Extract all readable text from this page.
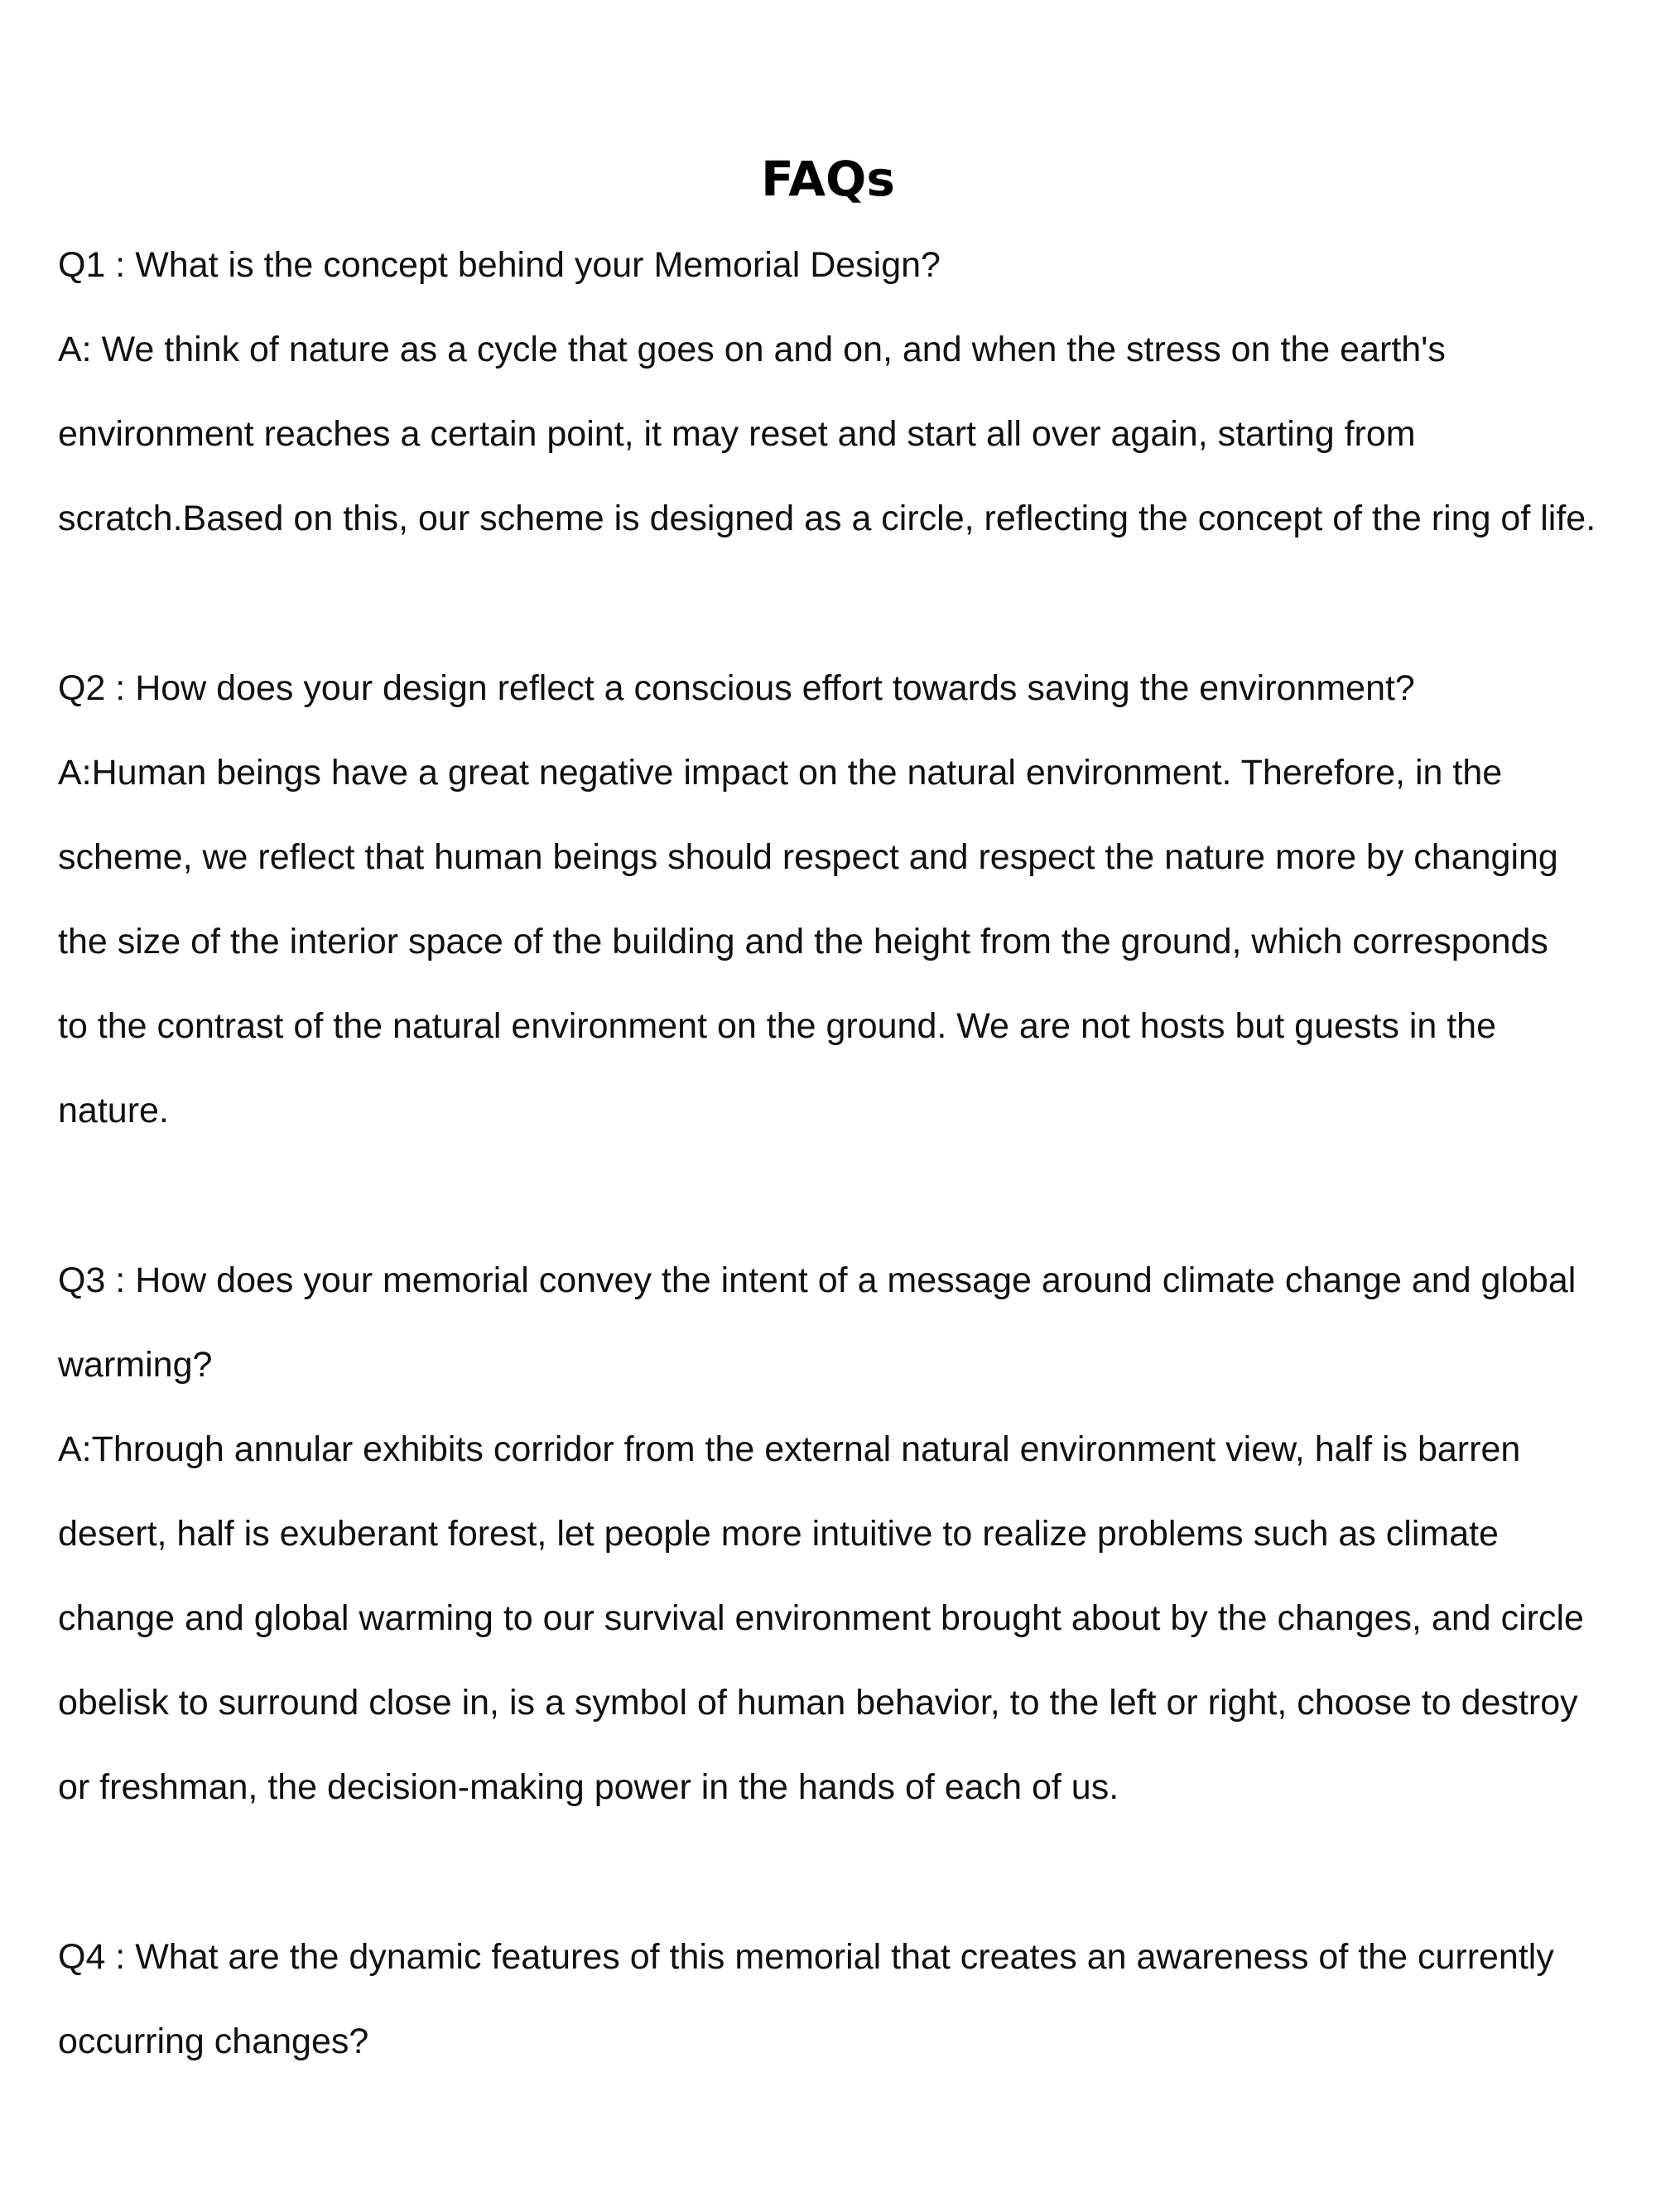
FAQs

Q1 : What is the concept behind your Memorial Design?

A: We think of nature as a cycle that goes on and on, and when the stress on the earth's

environment reaches a certain point, it may reset and start all over again, starting from

scratch.Based on this, our scheme is designed as a circle, reflecting the concept of the ring of life.

Q2 : How does your design reflect a conscious effort towards saving the environment?

A:Human beings have a great negative impact on the natural environment. Therefore, in the

scheme, we reflect that human beings should respect and respect the nature more by changing

the size of the interior space of the building and the height from the ground, which corresponds

to the contrast of the natural environment on the ground. We are not hosts but guests in the

nature.

Q3 : How does your memorial convey the intent of a message around climate change and global

warming?

A:Through annular exhibits corridor from the external natural environment view, half is barren

desert, half is exuberant forest, let people more intuitive to realize problems such as climate

change and global warming to our survival environment brought about by the changes, and circle

obelisk to surround close in, is a symbol of human behavior, to the left or right, choose to destroy

or freshman, the decision-making power in the hands of each of us.

Q4 : What are the dynamic features of this memorial that creates an awareness of the currently

occurring changes?
